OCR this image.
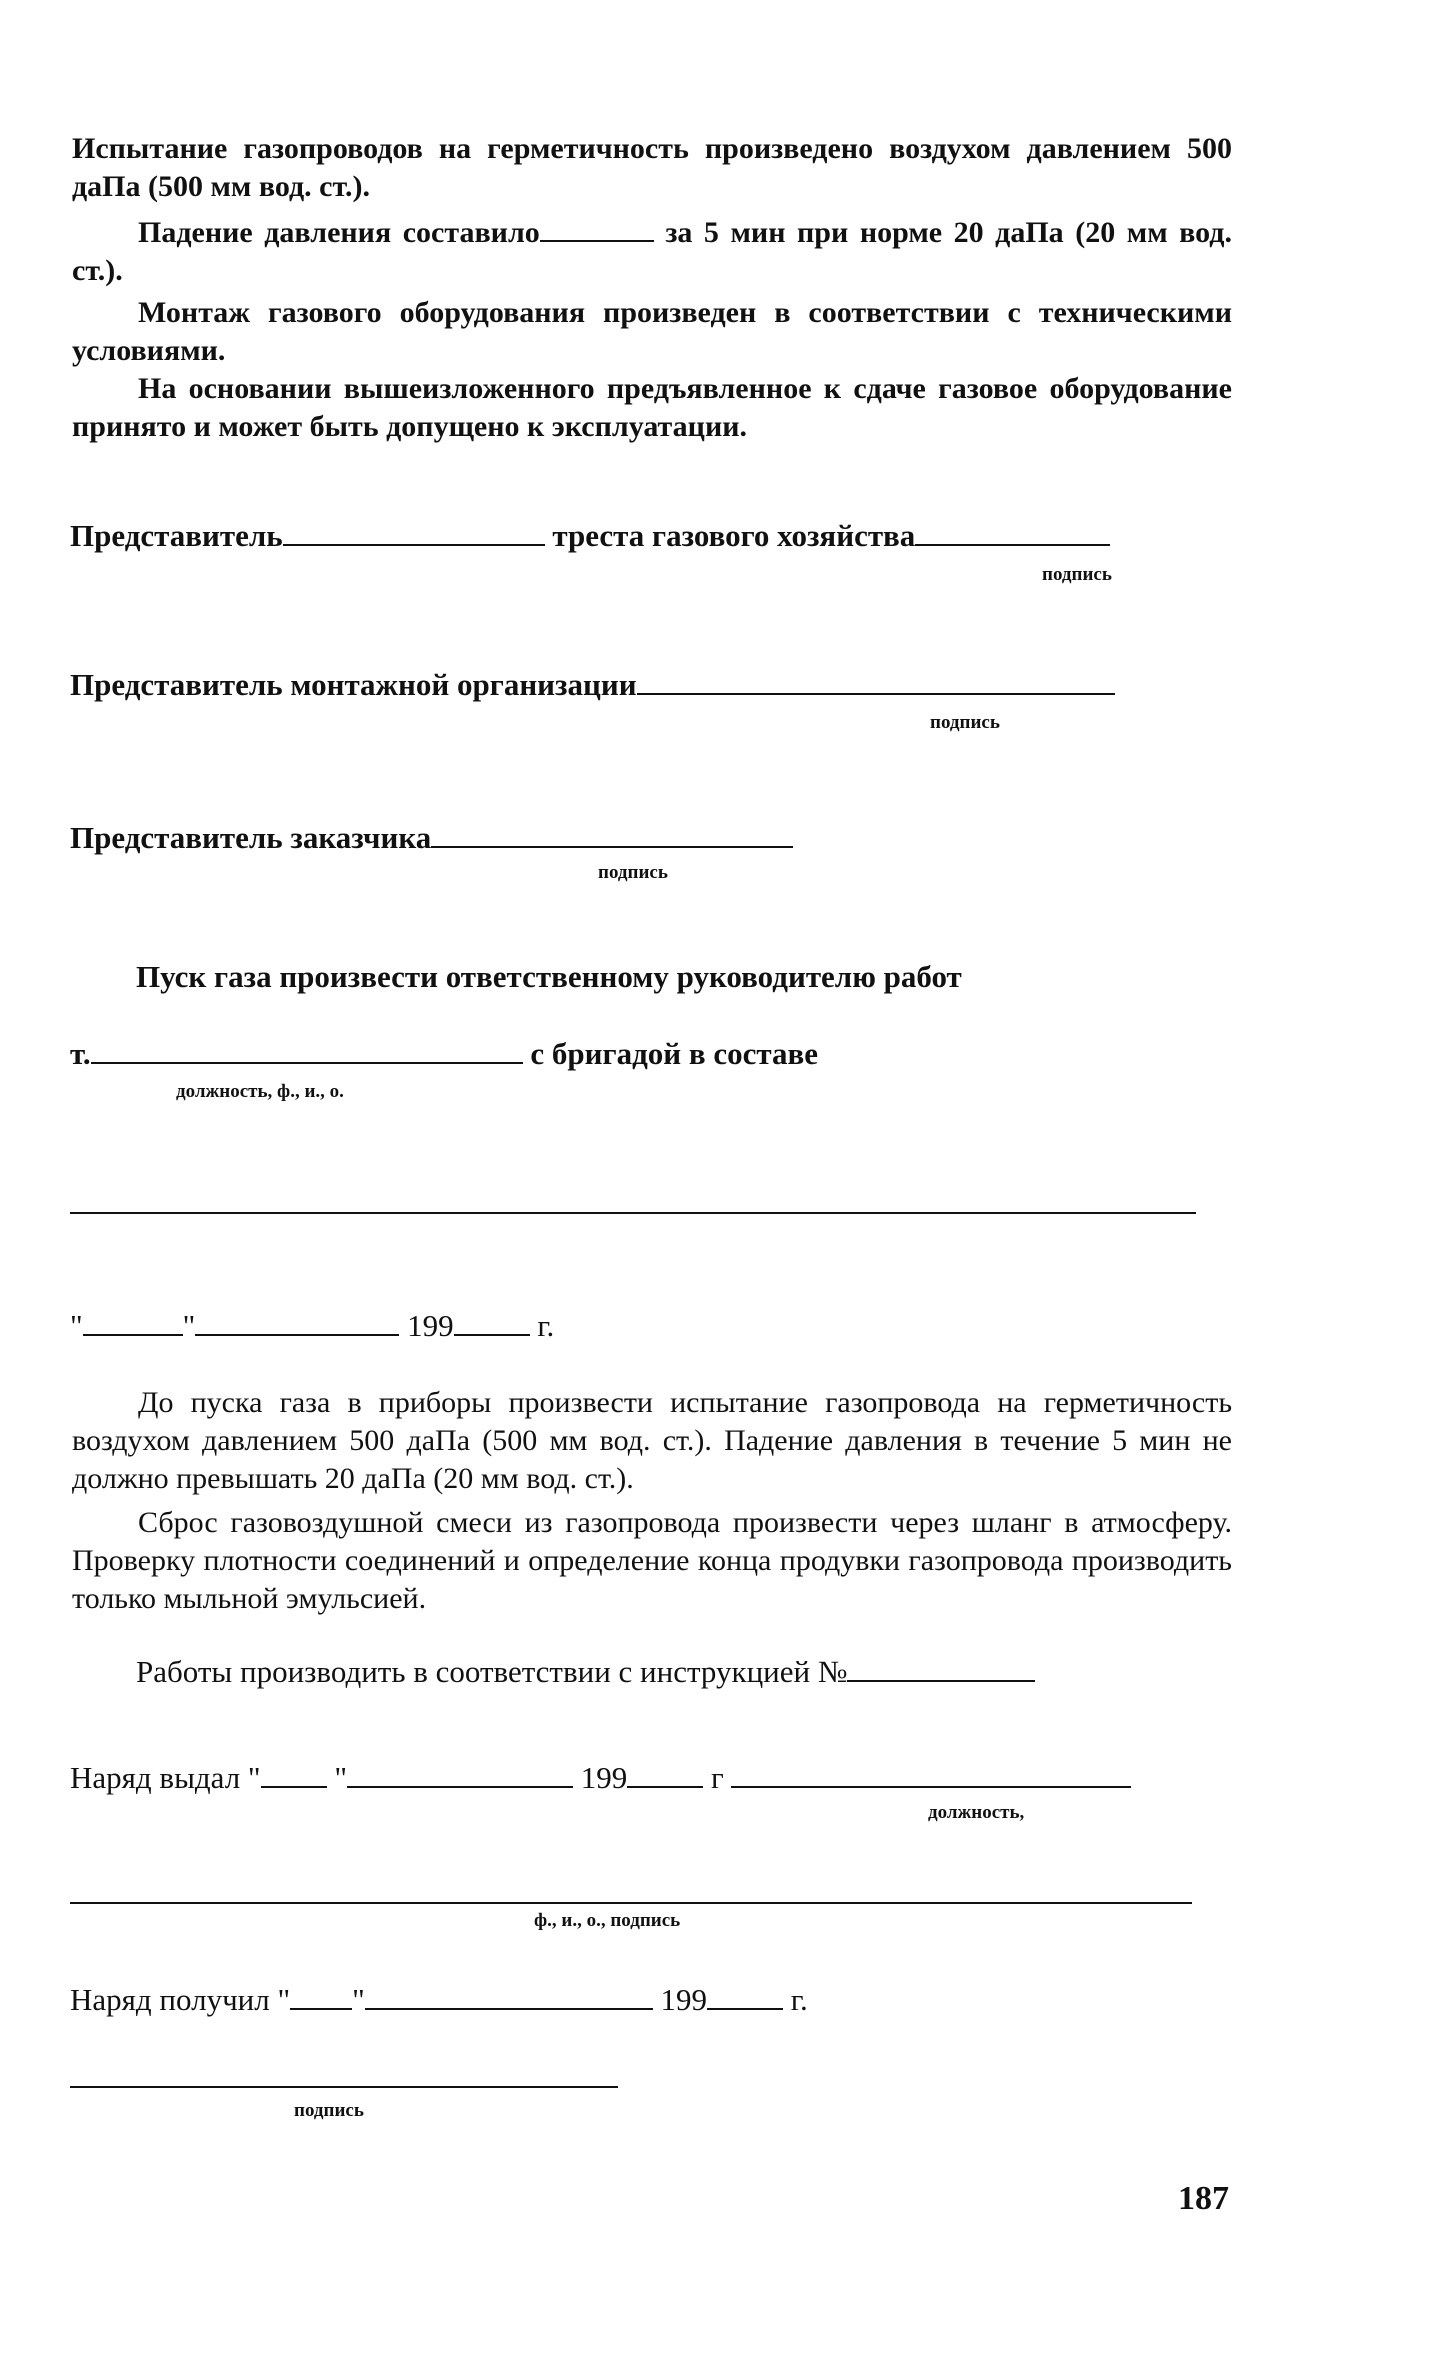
Испытание газопроводов на герметичность произведено воздухом давлением 500 даПа (500 мм вод. ст.).
Падение давления составило	за 5 мин при норме 20 даПа (20 мм вод. ст.).
Монтаж газового оборудования произведен в соответствии с техническими условиями.
На основании вышеизложенного предъявленное к сдаче газовое оборудование принято и может быть допущено к эксплуатации.
Представитель	треста газового хозяйства
подпись
Представитель монтажной организации
подпись
Представитель заказчика
подпись
Пуск газа произвести ответственному руководителю работ
т.	с бригадой в составе
должность, ф., и., о.
"	"	199	г.
До пуска газа в приборы произвести испытание газопровода на герметичность воздухом давлением 500 даПа (500 мм вод. ст.). Падение давления в течение 5 мин не должно превышать 20 даПа (20 мм вод. ст.).
Сброс газовоздушной смеси из газопровода произвести через шланг в атмосферу. Проверку плотности соединений и определение конца продувки газопровода производить только мыльной эмульсией.
Работы производить в соответствии с инструкцией №
Наряд выдал " "	199	г
должность,
ф., и., о., подпись
Наряд получил " "	199	г.
подпись
187
